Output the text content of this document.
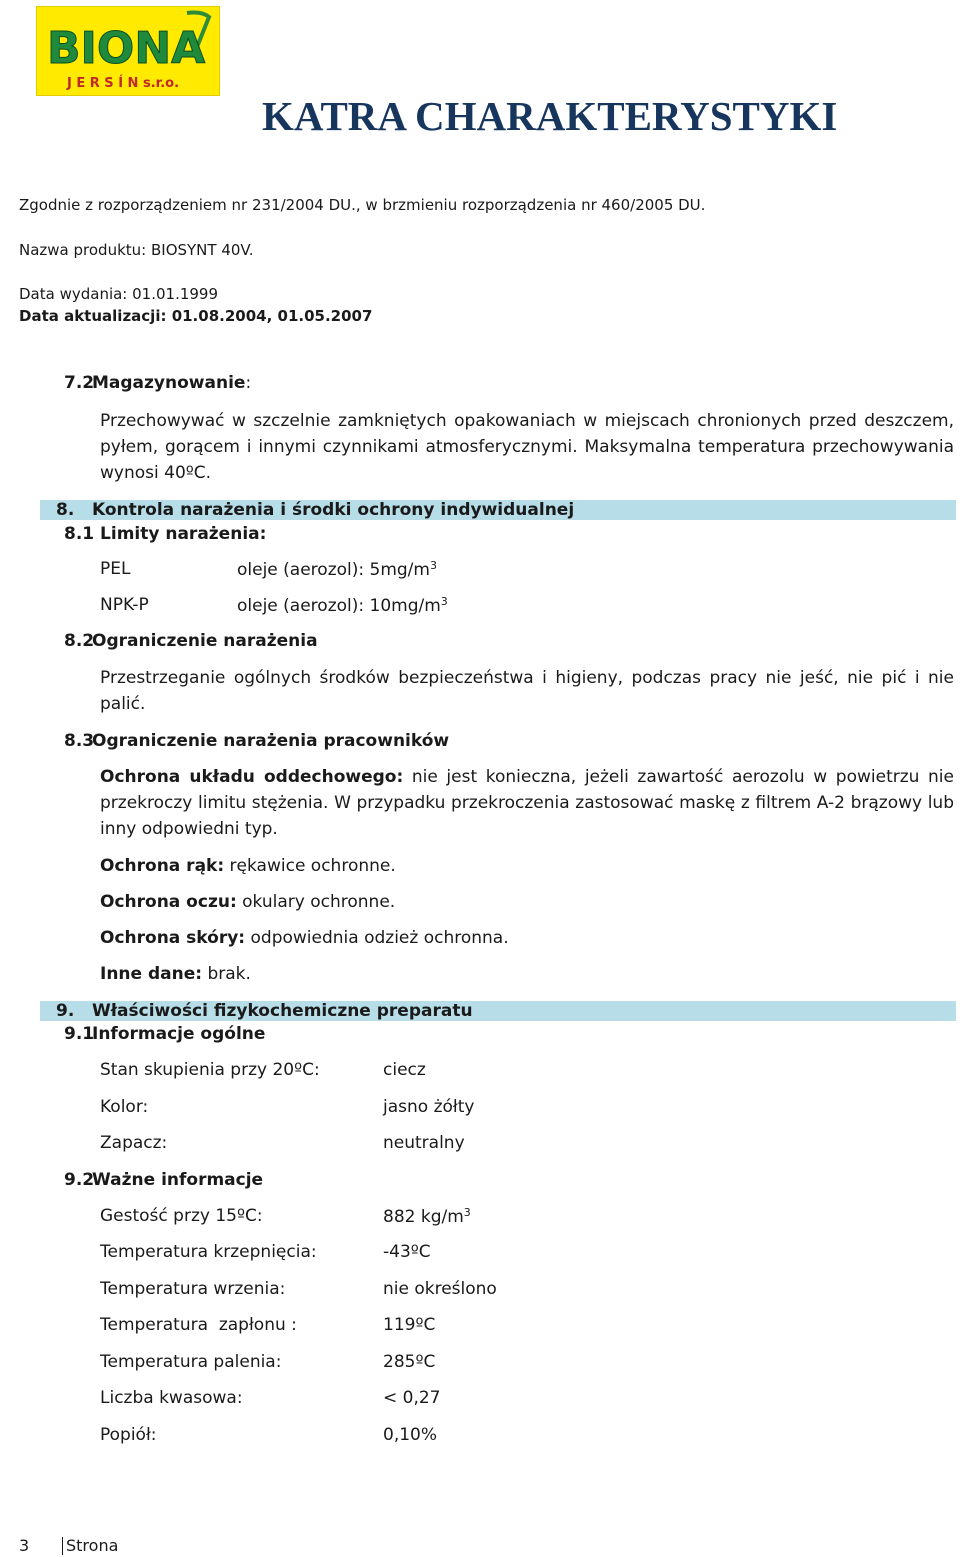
BIONA
J E R S Í N s.r.o.
KATRA CHARAKTERYSTYKI
Zgodnie z rozporządzeniem nr 231/2004 DU., w brzmieniu rozporządzenia nr 460/2005 DU.
Nazwa produktu: BIOSYNT 40V.
Data wydania: 01.01.1999
Data aktualizacji: 01.08.2004, 01.05.2007
7.2Magazynowanie:
Przechowywać w szczelnie zamkniętych opakowaniach w miejscach chronionych przed deszczem, pyłem, gorącem i innymi czynnikami atmosferycznymi. Maksymalna temperatura przechowywania wynosi 40ºC.
8. Kontrola narażenia i środki ochrony indywidualnej
8.1 Limity narażenia:
PEL	oleje (aerozol): $5mg/m^3$
NPK-P	oleje (aerozol): $10mg/m^3$
8.2Ograniczenie narażenia
Przestrzeganie ogólnych środków bezpieczeństwa i higieny, podczas pracy nie jeść, nie pić i nie palić.
8.3Ograniczenie narażenia pracowników
Ochrona układu oddechowego: nie jest konieczna, jeżeli zawartość aerozolu w powietrzu nie przekroczy limitu stężenia. W przypadku przekroczenia zastosować maskę z filtrem A-2 brązowy lub inny odpowiedni typ.
Ochrona rąk: rękawice ochronne.
Ochrona oczu: okulary ochronne.
Ochrona skóry: odpowiednia odzież ochronna.
Inne dane: brak.
9. Właściwości fizykochemiczne preparatu
9.1Informacje ogólne
Stan skupienia przy 20ºC:	ciecz
Kolor:	jasno żółty
Zapacz:	neutralny
9.2Ważne informacje
Gestość przy 15ºC:	882 $kg/m^3$
Temperatura krzepnięcia:	-43ºC
Temperatura wrzenia:	nie określono
Temperatura  zapłonu :	119ºC
Temperatura palenia:	285ºC
Liczba kwasowa:	< 0,27
Popiół:	0,10%
3 Strona
